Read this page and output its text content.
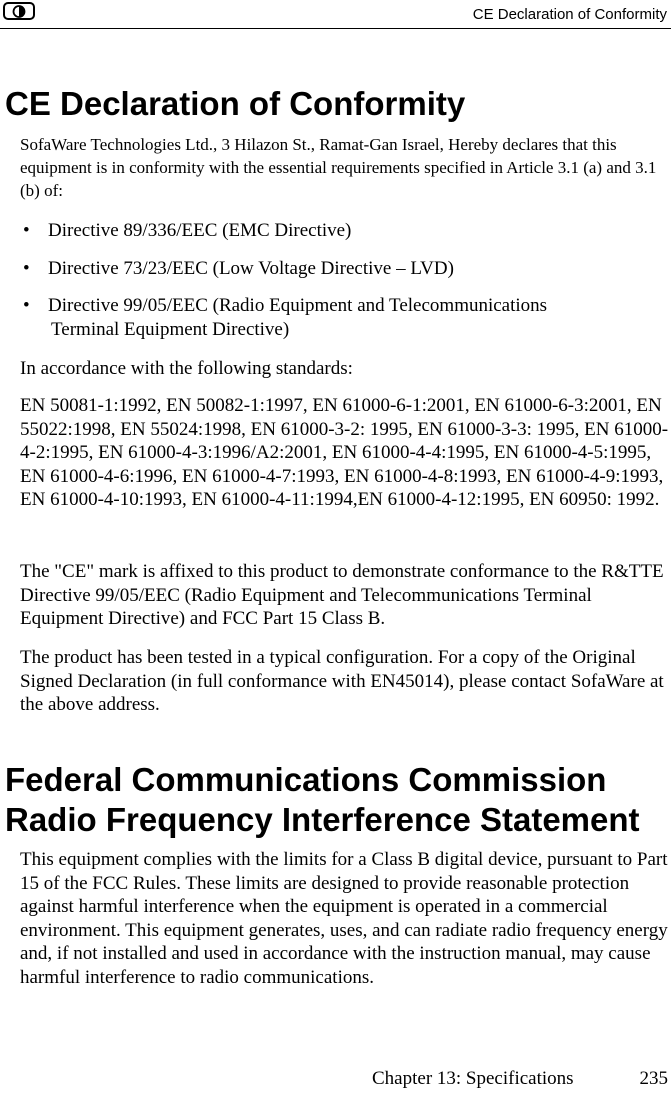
CE Declaration of Conformity
CE Declaration of Conformity

SofaWare Technologies Ltd., 3 Hilazon St., Ramat-Gan Israel, Hereby declares that this equipment is in conformity with the essential requirements specified in Article 3.1 (a) and 3.1 (b) of:

• Directive 89/336/EEC (EMC Directive)
• Directive 73/23/EEC (Low Voltage Directive – LVD)
• Directive 99/05/EEC (Radio Equipment and Telecommunications
Terminal Equipment Directive)

In accordance with the following standards:

EN 50081-1:1992, EN 50082-1:1997, EN 61000-6-1:2001, EN 61000-6-3:2001, EN 55022:1998, EN 55024:1998, EN 61000-3-2: 1995, EN 61000-3-3: 1995, EN 61000-4-2:1995, EN 61000-4-3:1996/A2:2001, EN 61000-4-4:1995, EN 61000-4-5:1995, EN 61000-4-6:1996, EN 61000-4-7:1993, EN 61000-4-8:1993, EN 61000-4-9:1993, EN 61000-4-10:1993, EN 61000-4-11:1994,EN 61000-4-12:1995, EN 60950: 1992.

The "CE" mark is affixed to this product to demonstrate conformance to the R&TTE Directive 99/05/EEC (Radio Equipment and Telecommunications Terminal Equipment Directive) and FCC Part 15 Class B.

The product has been tested in a typical configuration. For a copy of the Original Signed Declaration (in full conformance with EN45014), please contact SofaWare at the above address.

Federal Communications Commission
Radio Frequency Interference Statement

This equipment complies with the limits for a Class B digital device, pursuant to Part 15 of the FCC Rules. These limits are designed to provide reasonable protection against harmful interference when the equipment is operated in a commercial environment. This equipment generates, uses, and can radiate radio frequency energy and, if not installed and used in accordance with the instruction manual, may cause harmful interference to radio communications.

Chapter 13: Specifications	235
